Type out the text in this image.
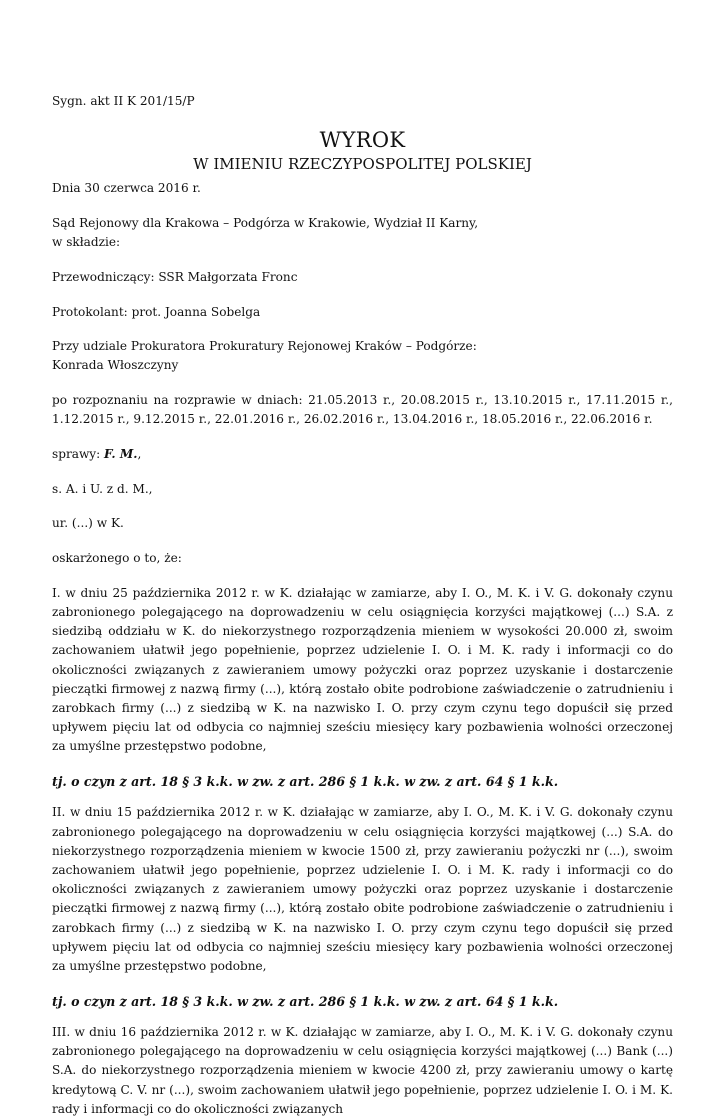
Sygn. akt II K 201/15/P

WYROK

W IMIENIU RZECZYPOSPOLITEJ POLSKIEJ

Dnia 30 czerwca 2016 r.

Sąd Rejonowy dla Krakowa – Podgórza w Krakowie, Wydział II Karny,

w składzie:

Przewodniczący: SSR Małgorzata Fronc

Protokolant: prot. Joanna Sobelga

Przy udziale Prokuratora Prokuratury Rejonowej Kraków – Podgórze:

Konrada Włoszczyny

po rozpoznaniu na rozprawie w dniach: 21.05.2013 r., 20.08.2015 r., 13.10.2015 r., 17.11.2015 r., 1.12.2015 r., 9.12.2015 r., 22.01.2016 r., 26.02.2016 r., 13.04.2016 r., 18.05.2016 r., 22.06.2016 r.

sprawy: F. M.,

s. A. i U. z d. M.,

ur. (...) w K.

oskarżonego o to, że:

I. w dniu 25 października 2012 r. w K. działając w zamiarze, aby I. O., M. K. i V. G. dokonały czynu zabronionego polegającego na doprowadzeniu w celu osiągnięcia korzyści majątkowej (...) S.A. z siedzibą oddziału w K. do niekorzystnego rozporządzenia mieniem w wysokości 20.000 zł, swoim zachowaniem ułatwił jego popełnienie, poprzez udzielenie I. O. i M. K. rady i informacji co do okoliczności związanych z zawieraniem umowy pożyczki oraz poprzez uzyskanie i dostarczenie pieczątki firmowej z nazwą firmy (...), którą zostało obite podrobione zaświadczenie o zatrudnieniu i zarobkach firmy (...) z siedzibą w K. na nazwisko I. O. przy czym czynu tego dopuścił się przed upływem pięciu lat od odbycia co najmniej sześciu miesięcy kary pozbawienia wolności orzeczonej za umyślne przestępstwo podobne,

tj. o czyn z art. 18 § 3 k.k. w zw. z art. 286 § 1 k.k. w zw. z art. 64 § 1 k.k.

II. w dniu 15 października 2012 r. w K. działając w zamiarze, aby I. O., M. K. i V. G. dokonały czynu zabronionego polegającego na doprowadzeniu w celu osiągnięcia korzyści majątkowej (...) S.A. do niekorzystnego rozporządzenia mieniem w kwocie 1500 zł, przy zawieraniu pożyczki nr (...), swoim zachowaniem ułatwił jego popełnienie, poprzez udzielenie I. O. i M. K. rady i informacji co do okoliczności związanych z zawieraniem umowy pożyczki oraz poprzez uzyskanie i dostarczenie pieczątki firmowej z nazwą firmy (...), którą zostało obite podrobione zaświadczenie o zatrudnieniu i zarobkach firmy (...) z siedzibą w K. na nazwisko I. O. przy czym czynu tego dopuścił się przed upływem pięciu lat od odbycia co najmniej sześciu miesięcy kary pozbawienia wolności orzeczonej za umyślne przestępstwo podobne,

tj. o czyn z art. 18 § 3 k.k. w zw. z art. 286 § 1 k.k. w zw. z art. 64 § 1 k.k.

III. w dniu 16 października 2012 r. w K. działając w zamiarze, aby I. O., M. K. i V. G. dokonały czynu zabronionego polegającego na doprowadzeniu w celu osiągnięcia korzyści majątkowej (...) Bank (...) S.A. do niekorzystnego rozporządzenia mieniem w kwocie 4200 zł, przy zawieraniu umowy o kartę kredytową C. V. nr (...), swoim zachowaniem ułatwił jego popełnienie, poprzez udzielenie I. O. i M. K. rady i informacji co do okoliczności związanych
